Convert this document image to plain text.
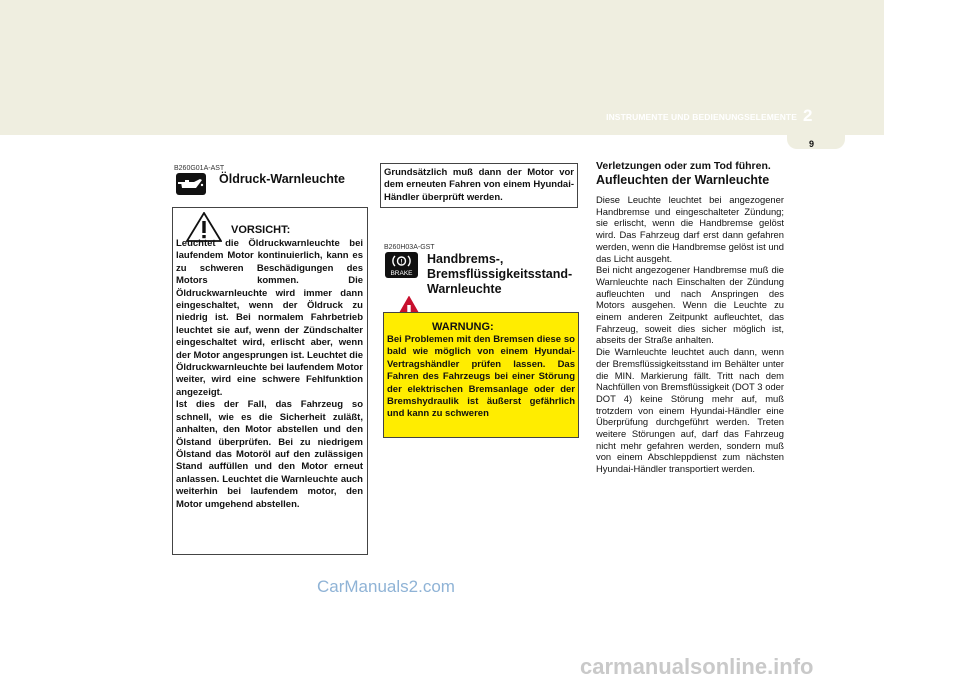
INSTRUMENTE UND BEDIENUNGSELEMENTE 2
9
B260G01A-AST
Öldruck-Warnleuchte
VORSICHT:
Leuchtet die Öldruckwarnleuchte bei laufendem Motor kontinuierlich, kann es zu schweren Beschädigungen des Motors kommen. Die Öldruckwarnleuchte wird immer dann eingeschaltet, wenn der Öldruck zu niedrig ist. Bei normalem Fahrbetrieb leuchtet sie auf, wenn der Zündschalter eingeschaltet wird, erlischt aber, wenn der Motor angesprungen ist. Leuchtet die Öldruckwarnleuchte bei laufendem Motor weiter, wird eine schwere Fehlfunktion angezeigt.
Ist dies der Fall, das Fahrzeug so schnell, wie es die Sicherheit zuläßt, anhalten, den Motor abstellen und den Ölstand überprüfen. Bei zu niedrigem Ölstand das Motoröl auf den zulässigen Stand auffüllen und den Motor erneut anlassen. Leuchtet die Warnleuchte auch weiterhin bei laufendem motor, den Motor umgehend abstellen.
Grundsätzlich muß dann der Motor vor dem erneuten Fahren von einem Hyundai-Händler überprüft werden.
B260H03A-GST
!
BRAKE
Handbrems-,
Bremsflüssigkeitsstand-
Warnleuchte
WARNUNG:
Bei Problemen mit den Bremsen diese so bald wie möglich von einem Hyundai-Vertragshändler prüfen lassen. Das Fahren des Fahrzeugs bei einer Störung der elektrischen Bremsanlage oder der Bremshydraulik ist äußerst gefährlich und kann zu schweren
Verletzungen oder zum Tod führen.
Aufleuchten der Warnleuchte
Diese Leuchte leuchtet bei angezogener Handbremse und eingeschalteter Zündung; sie erlischt, wenn die Handbremse gelöst wird. Das Fahrzeug darf erst dann gefahren werden, wenn die Handbremse gelöst ist und das Licht ausgeht.
Bei nicht angezogener Handbremse muß die Warnleuchte nach Einschalten der Zündung aufleuchten und nach Anspringen des Motors ausgehen. Wenn die Leuchte zu einem anderen Zeitpunkt aufleuchtet, das Fahrzeug, soweit dies sicher möglich ist, abseits der Straße anhalten.
Die Warnleuchte leuchtet auch dann, wenn der Bremsflüssigkeitsstand im Behälter unter die MIN. Markierung fällt. Tritt nach dem Nachfüllen von Bremsflüssigkeit (DOT 3 oder DOT 4) keine Störung mehr auf, muß trotzdem von einem Hyundai-Händler eine Überprüfung durchgeführt werden. Treten weitere Störungen auf, darf das Fahrzeug nicht mehr gefahren werden, sondern muß von einem Abschleppdienst zum nächsten Hyundai-Händler transportiert werden.
CarManuals2.com
carmanualsonline.info
